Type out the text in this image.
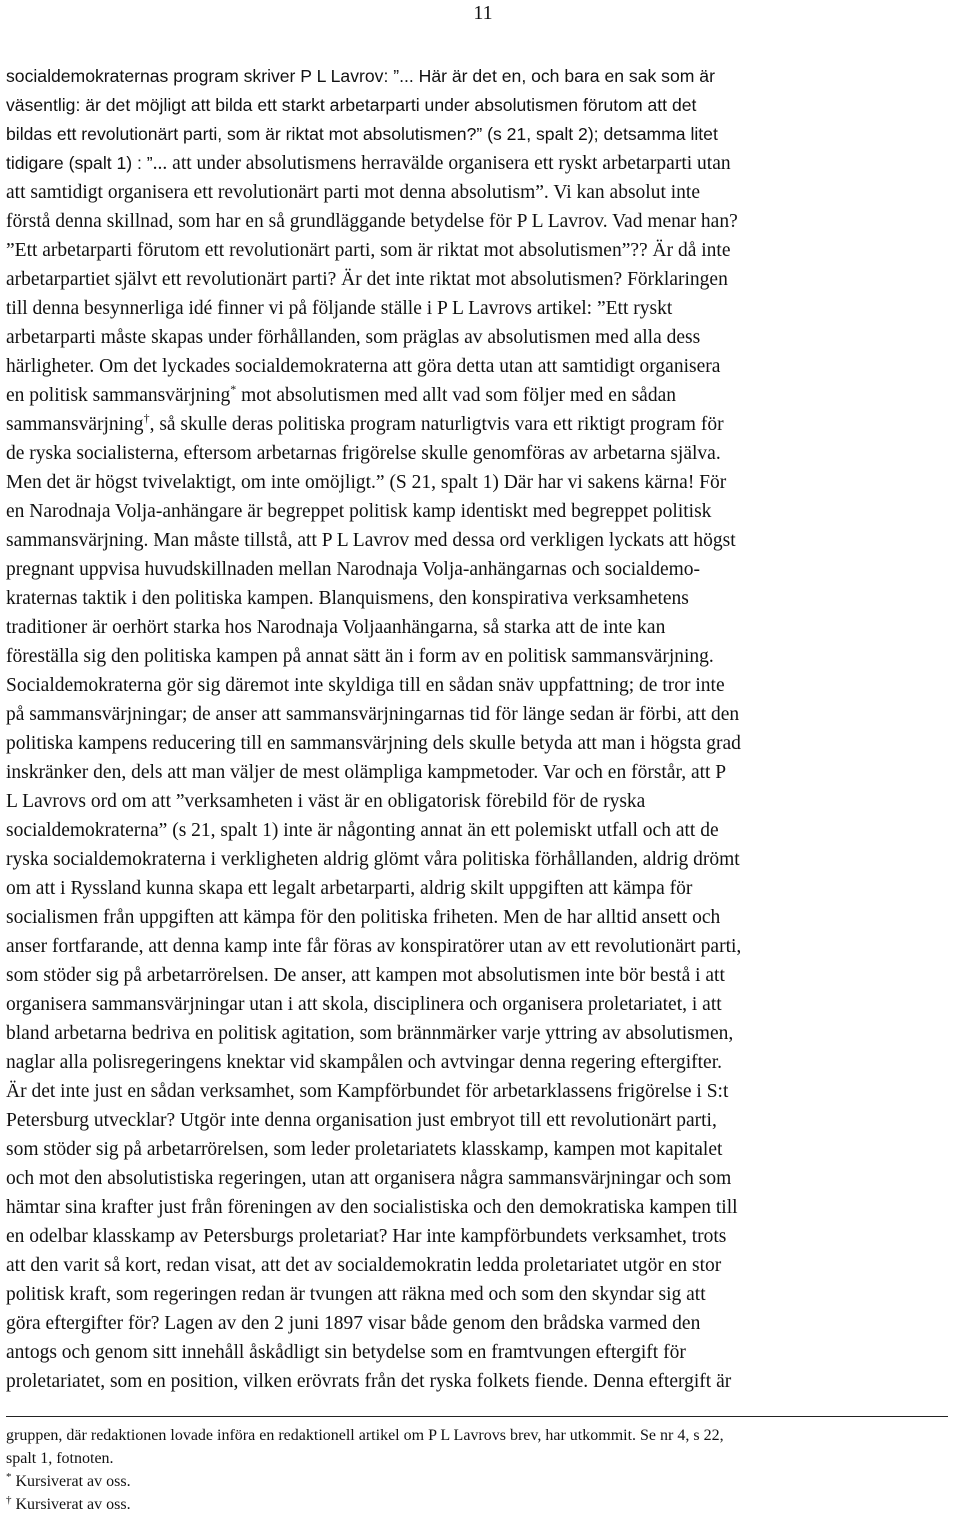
11
socialdemokraternas program skriver P L Lavrov: ”... Här är det en, och bara en sak som är
väsentlig: är det möjligt att bilda ett starkt arbetarparti under absolutismen förutom att det
bildas ett revolutionärt parti, som är riktat mot absolutismen?” (s 21, spalt 2); detsamma litet
tidigare (spalt 1) : ”... att under absolutismens herravälde organisera ett ryskt arbetarparti utan
att samtidigt organisera ett revolutionärt parti mot denna absolutism”. Vi kan absolut inte
förstå denna skillnad, som har en så grundläggande betydelse för P L Lavrov. Vad menar han?
”Ett arbetarparti förutom ett revolutionärt parti, som är riktat mot absolutismen”?? Är då inte
arbetarpartiet självt ett revolutionärt parti? Är det inte riktat mot absolutismen? Förklaringen
till denna besynnerliga idé finner vi på följande ställe i P L Lavrovs artikel: ”Ett ryskt
arbetarparti måste skapas under förhållanden, som präglas av absolutismen med alla dess
härligheter. Om det lyckades socialdemokraterna att göra detta utan att samtidigt organisera
en politisk sammansvärjning* mot absolutismen med allt vad som följer med en sådan
sammansvärjning†, så skulle deras politiska program naturligtvis vara ett riktigt program för
de ryska socialisterna, eftersom arbetarnas frigörelse skulle genomföras av arbetarna själva.
Men det är högst tvivelaktigt, om inte omöjligt.” (S 21, spalt 1) Där har vi sakens kärna! För
en Narodnaja Volja-anhängare är begreppet politisk kamp identiskt med begreppet politisk
sammansvärjning. Man måste tillstå, att P L Lavrov med dessa ord verkligen lyckats att högst
pregnant uppvisa huvudskillnaden mellan Narodnaja Volja-anhängarnas och socialdemo-
kraternas taktik i den politiska kampen. Blanquismens, den konspirativa verksamhetens
traditioner är oerhört starka hos Narodnaja Voljaanhängarna, så starka att de inte kan
föreställa sig den politiska kampen på annat sätt än i form av en politisk sammansvärjning.
Socialdemokraterna gör sig däremot inte skyldiga till en sådan snäv uppfattning; de tror inte
på sammansvärjningar; de anser att sammansvärjningarnas tid för länge sedan är förbi, att den
politiska kampens reducering till en sammansvärjning dels skulle betyda att man i högsta grad
inskränker den, dels att man väljer de mest olämpliga kampmetoder. Var och en förstår, att P
L Lavrovs ord om att ”verksamheten i väst är en obligatorisk förebild för de ryska
socialdemokraterna” (s 21, spalt 1) inte är någonting annat än ett polemiskt utfall och att de
ryska socialdemokraterna i verkligheten aldrig glömt våra politiska förhållanden, aldrig drömt
om att i Ryssland kunna skapa ett legalt arbetarparti, aldrig skilt uppgiften att kämpa för
socialismen från uppgiften att kämpa för den politiska friheten. Men de har alltid ansett och
anser fortfarande, att denna kamp inte får föras av konspiratörer utan av ett revolutionärt parti,
som stöder sig på arbetarrörelsen. De anser, att kampen mot absolutismen inte bör bestå i att
organisera sammansvärjningar utan i att skola, disciplinera och organisera proletariatet, i att
bland arbetarna bedriva en politisk agitation, som brännmärker varje yttring av absolutismen,
naglar alla polisregeringens knektar vid skampålen och avtvingar denna regering eftergifter.
Är det inte just en sådan verksamhet, som Kampförbundet för arbetarklassens frigörelse i S:t
Petersburg utvecklar? Utgör inte denna organisation just embryot till ett revolutionärt parti,
som stöder sig på arbetarrörelsen, som leder proletariatets klasskamp, kampen mot kapitalet
och mot den absolutistiska regeringen, utan att organisera några sammansvärjningar och som
hämtar sina krafter just från föreningen av den socialistiska och den demokratiska kampen till
en odelbar klasskamp av Petersburgs proletariat? Har inte kampförbundets verksamhet, trots
att den varit så kort, redan visat, att det av socialdemokratin ledda proletariatet utgör en stor
politisk kraft, som regeringen redan är tvungen att räkna med och som den skyndar sig att
göra eftergifter för? Lagen av den 2 juni 1897 visar både genom den brådska varmed den
antogs och genom sitt innehåll åskådligt sin betydelse som en framtvungen eftergift för
proletariatet, som en position, vilken erövrats från det ryska folkets fiende. Denna eftergift är
gruppen, där redaktionen lovade införa en redaktionell artikel om P L Lavrovs brev, har utkommit. Se nr 4, s 22,
spalt 1, fotnoten.
* Kursiverat av oss.
† Kursiverat av oss.
